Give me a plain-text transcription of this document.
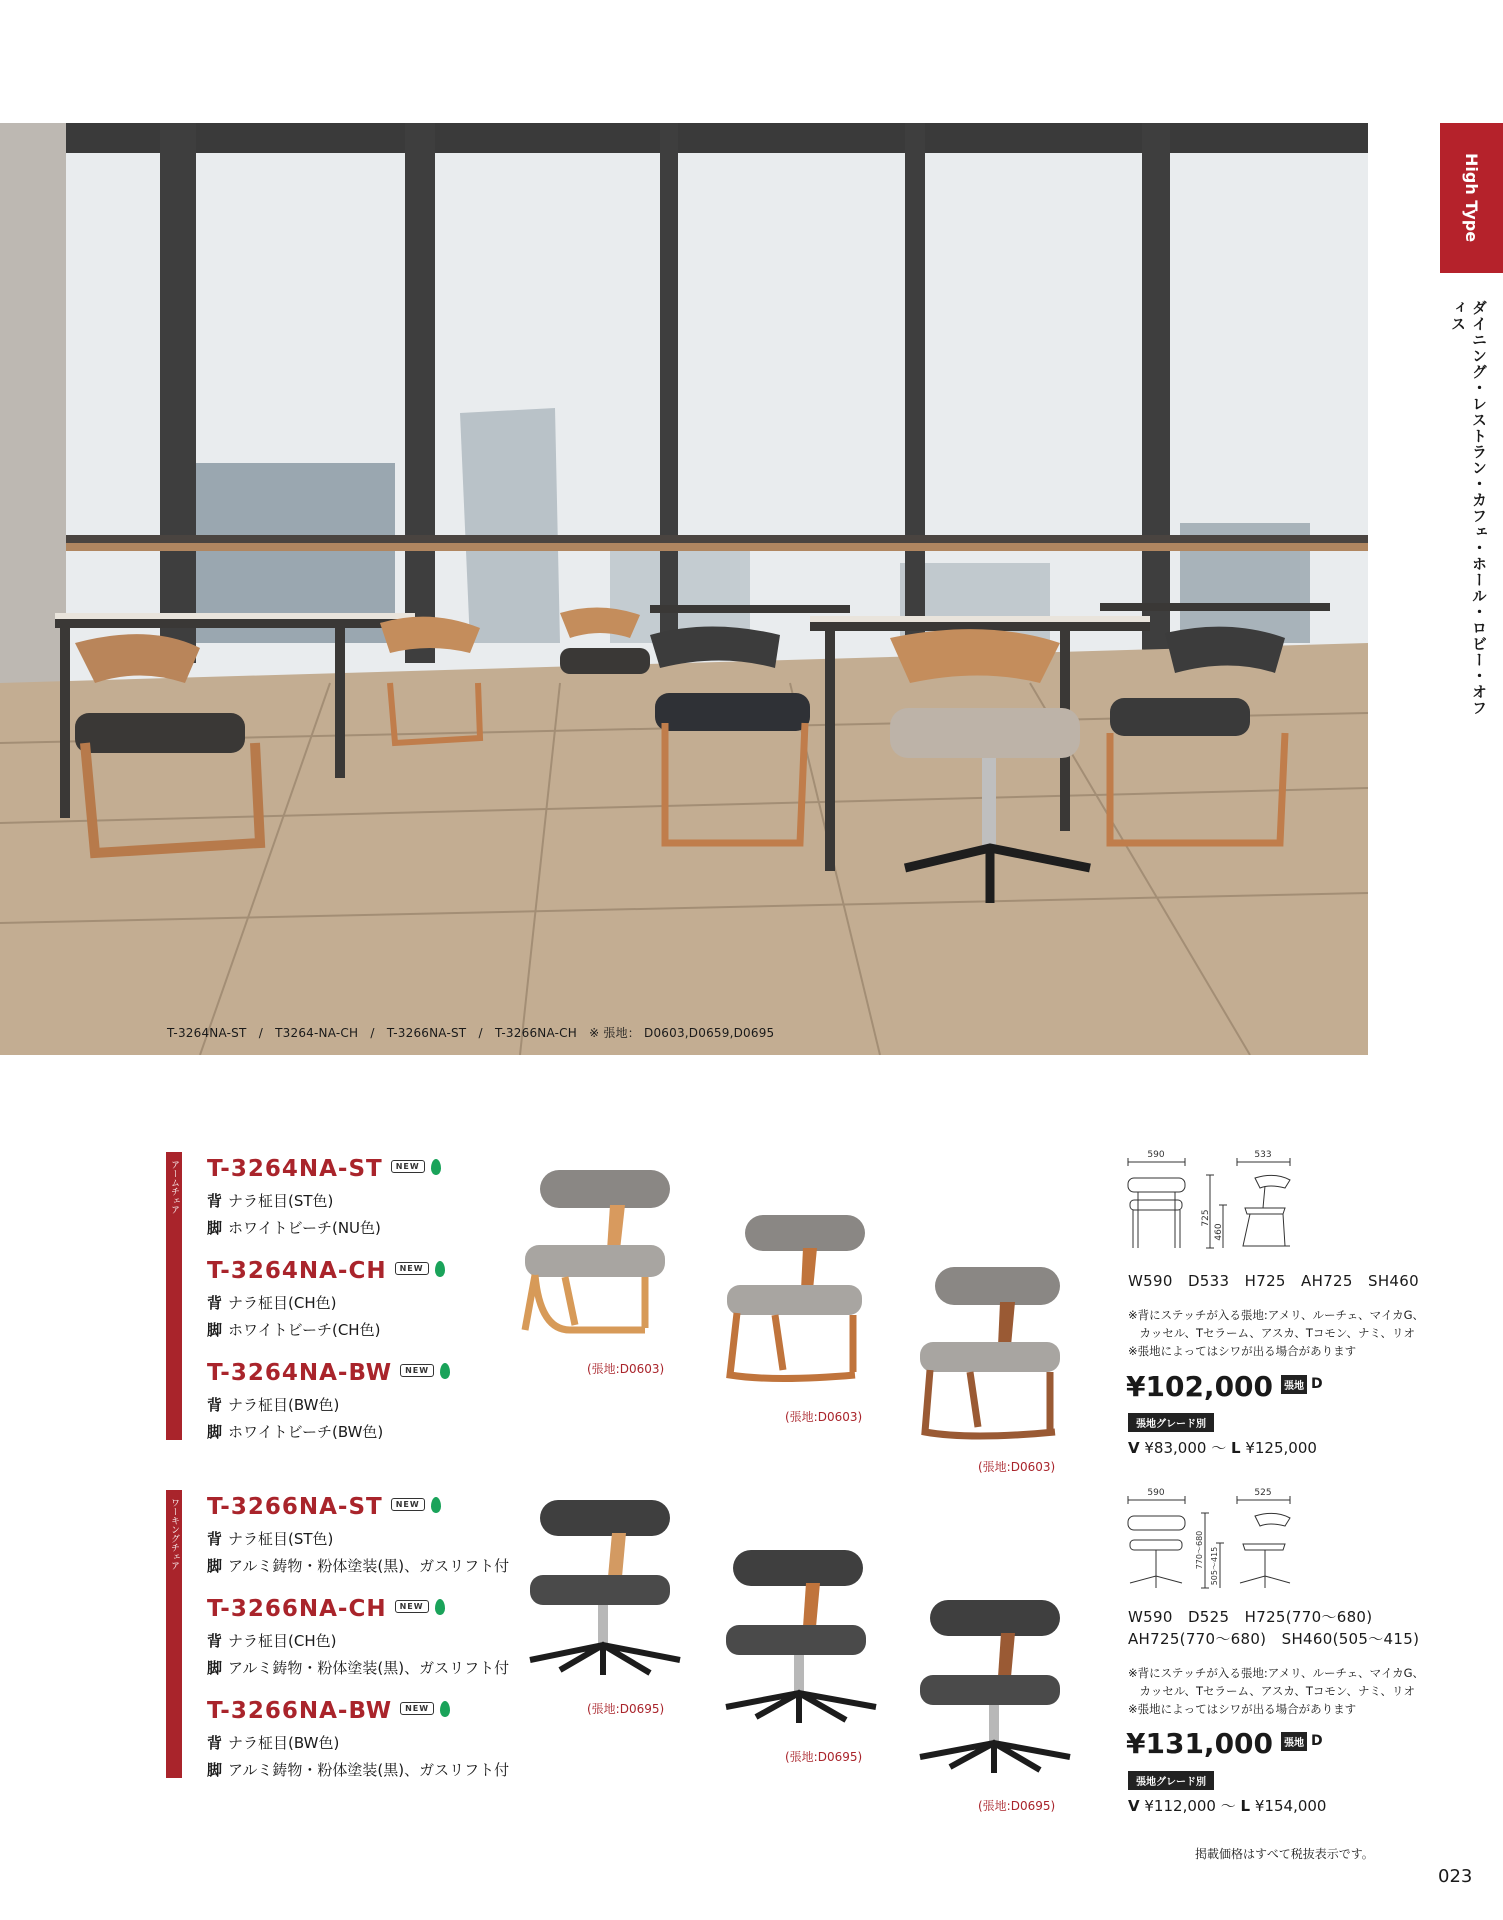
T-3264NA-ST　/　T3264-NA-CH　/　T-3266NA-ST　/　T-3266NA-CH　※ 張地： D0603,D0659,D0695
High Type
ダイニング・レストラン・カフェ・ホール・ロビー・オフィス
アームチェア T-3264NA-ST NEW
背 ナラ柾目(ST色)
脚 ホワイトビーチ(NU色)
T-3264NA-CH NEW
背 ナラ柾目(CH色)
脚 ホワイトビーチ(CH色)
T-3264NA-BW NEW
背 ナラ柾目(BW色)
脚 ホワイトビーチ(BW色)
(張地:D0603)
(張地:D0603)
(張地:D0603)
590	533
725
460
W590　D533　H725　AH725　SH460
※背にステッチが入る張地:アメリ、ルーチェ、マイカG、
　カッセル、Tセラーム、アスカ、Tコモン、ナミ、リオ
※張地によってはシワが出る場合があります
¥102,000 張地 D
張地グレード別
V ¥83,000 〜 L ¥125,000
ワーキングチェア T-3266NA-ST NEW
背 ナラ柾目(ST色)
脚 アルミ鋳物・粉体塗装(黒)、ガスリフト付
T-3266NA-CH NEW
背 ナラ柾目(CH色)
脚 アルミ鋳物・粉体塗装(黒)、ガスリフト付
T-3266NA-BW NEW
背 ナラ柾目(BW色)
脚 アルミ鋳物・粉体塗装(黒)、ガスリフト付
(張地:D0695)
(張地:D0695)
(張地:D0695)
590	525
770〜680 505〜415
W590　D525　H725(770〜680)
AH725(770〜680)　SH460(505〜415)
※背にステッチが入る張地:アメリ、ルーチェ、マイカG、
　カッセル、Tセラーム、アスカ、Tコモン、ナミ、リオ
※張地によってはシワが出る場合があります
¥131,000 張地 D
張地グレード別
V ¥112,000 〜 L ¥154,000
掲載価格はすべて税抜表示です。
023
